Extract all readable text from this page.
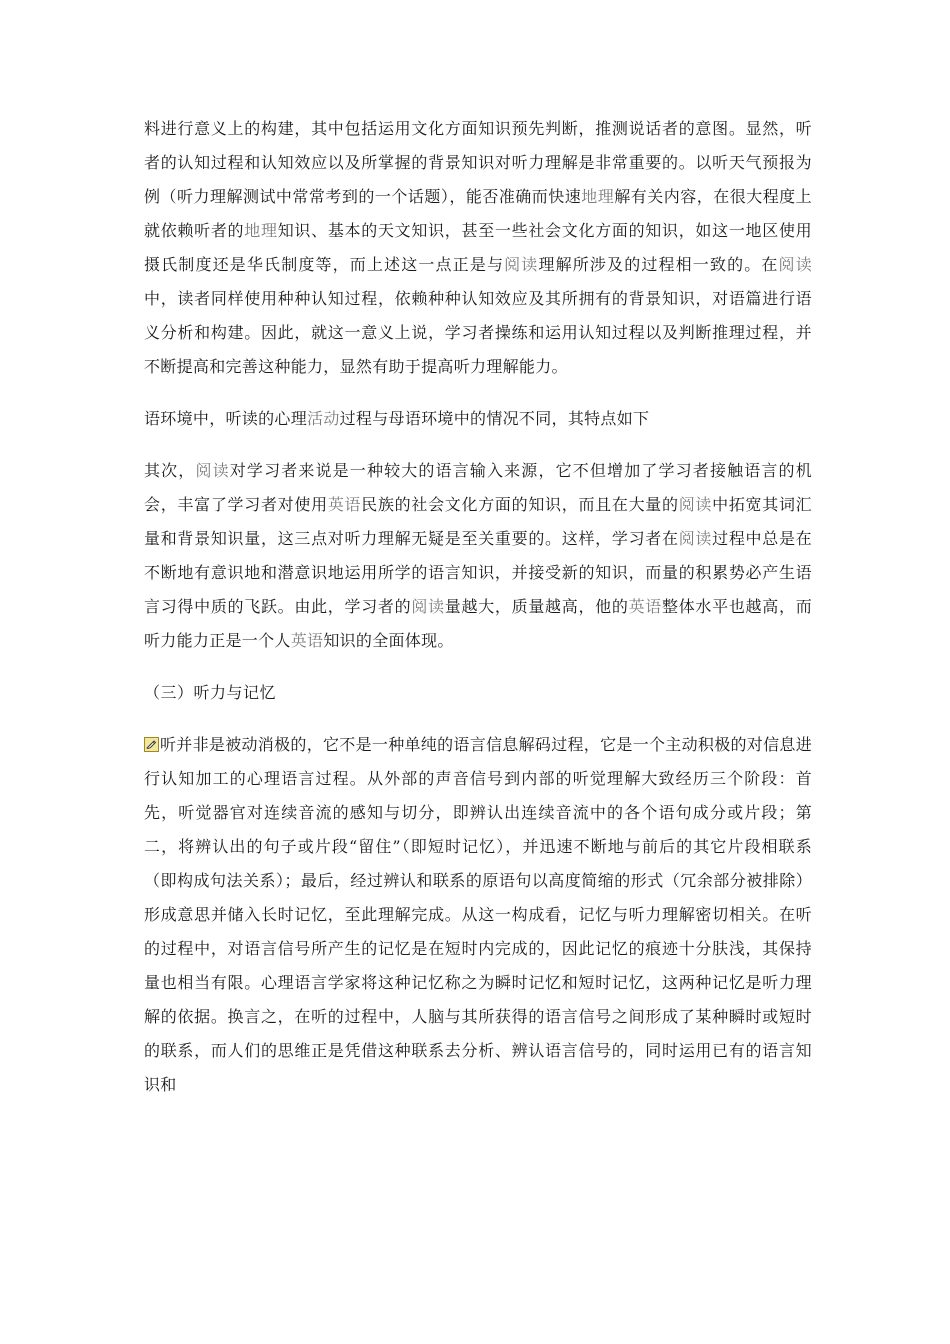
料进行意义上的构建，其中包括运用文化方面知识预先判断，推测说话者的意图。显然，听者的认知过程和认知效应以及所掌握的背景知识对听力理解是非常重要的。以听天气预报为例（听力理解测试中常常考到的一个话题），能否准确而快速地理解有关内容，在很大程度上就依赖听者的地理知识、基本的天文知识，甚至一些社会文化方面的知识，如这一地区使用摄氏制度还是华氏制度等，而上述这一点正是与阅读理解所涉及的过程相一致的。在阅读中，读者同样使用种种认知过程，依赖种种认知效应及其所拥有的背景知识，对语篇进行语义分析和构建。因此，就这一意义上说，学习者操练和运用认知过程以及判断推理过程，并不断提高和完善这种能力，显然有助于提高听力理解能力。

语环境中，听读的心理活动过程与母语环境中的情况不同，其特点如下

其次，阅读对学习者来说是一种较大的语言输入来源，它不但增加了学习者接触语言的机会，丰富了学习者对使用英语民族的社会文化方面的知识，而且在大量的阅读中拓宽其词汇量和背景知识量，这三点对听力理解无疑是至关重要的。这样，学习者在阅读过程中总是在不断地有意识地和潜意识地运用所学的语言知识，并接受新的知识，而量的积累势必产生语言习得中质的飞跃。由此，学习者的阅读量越大，质量越高，他的英语整体水平也越高，而听力能力正是一个人英语知识的全面体现。

（三）听力与记忆

听并非是被动消极的，它不是一种单纯的语言信息解码过程，它是一个主动积极的对信息进行认知加工的心理语言过程。从外部的声音信号到内部的听觉理解大致经历三个阶段：首先，听觉器官对连续音流的感知与切分，即辨认出连续音流中的各个语句成分或片段；第二，将辨认出的句子或片段“留住”（即短时记忆），并迅速不断地与前后的其它片段相联系（即构成句法关系）；最后，经过辨认和联系的原语句以高度简缩的形式（冗余部分被排除）形成意思并储入长时记忆，至此理解完成。从这一构成看，记忆与听力理解密切相关。在听的过程中，对语言信号所产生的记忆是在短时内完成的，因此记忆的痕迹十分肤浅，其保持量也相当有限。心理语言学家将这种记忆称之为瞬时记忆和短时记忆，这两种记忆是听力理解的依据。换言之，在听的过程中，人脑与其所获得的语言信号之间形成了某种瞬时或短时的联系，而人们的思维正是凭借这种联系去分析、辨认语言信号的，同时运用已有的语言知识和
